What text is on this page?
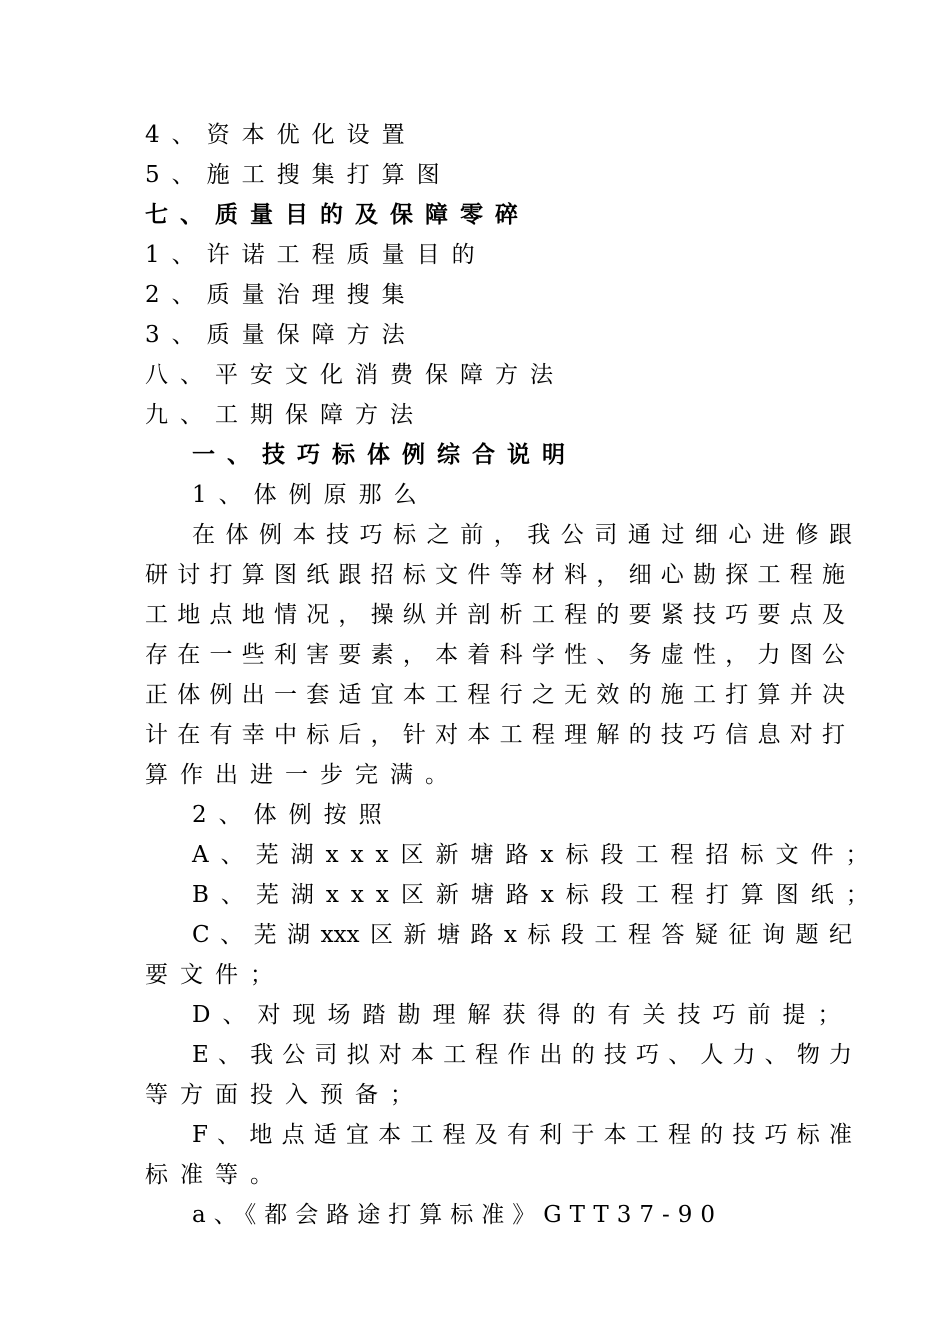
4、资本优化设置
5、施工搜集打算图
七、质量目的及保障零碎
1、许诺工程质量目的
2、质量治理搜集
3、质量保障方法
八、平安文化消费保障方法
九、工期保障方法
一、技巧标体例综合说明
1、体例原那么
在体例本技巧标之前，我公司通过细心进修跟
研讨打算图纸跟招标文件等材料，细心勘探工程施
工地点地情况，操纵并剖析工程的要紧技巧要点及
存在一些利害要素，本着科学性、务虚性，力图公
正体例出一套适宜本工程行之无效的施工打算并决
计在有幸中标后，针对本工程理解的技巧信息对打
算作出进一步完满。
2、体例按照
A、芜湖xxx区新塘路x标段工程招标文件；
B、芜湖xxx区新塘路x标段工程打算图纸；
C、芜湖xxx区新塘路x标段工程答疑征询题纪
要文件；
D、对现场踏勘理解获得的有关技巧前提；
E、我公司拟对本工程作出的技巧、人力、物力
等方面投入预备；
F、地点适宜本工程及有利于本工程的技巧标准
标准等。
a、《都会路途打算标准》GTT37-90
